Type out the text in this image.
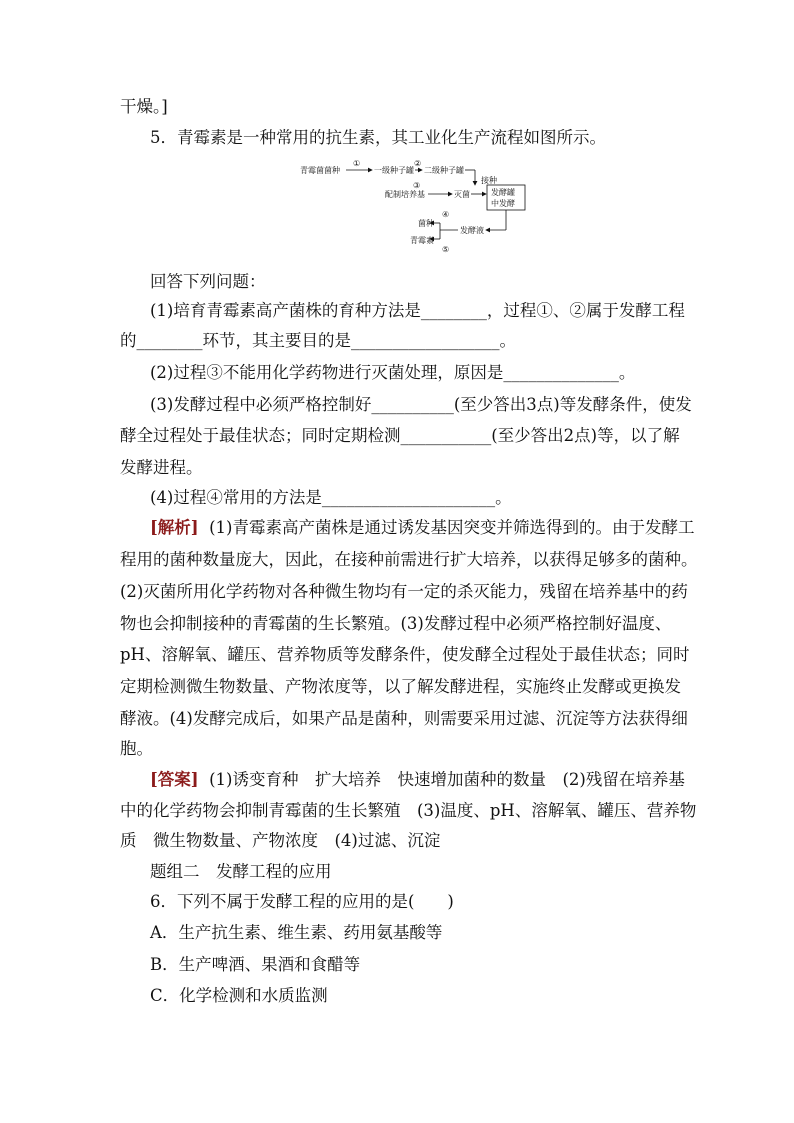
干燥。]
5．青霉素是一种常用的抗生素，其工业化生产流程如图所示。
青霉菌菌种
①
一级种子罐
②
二级种子罐
接种
配制培养基
③
灭菌	发酵罐
中发酵
发酵液
④
⑤
菌种
青霉素
回答下列问题：
(1)培育青霉素高产菌株的育种方法是________，过程①、②属于发酵工程
的________环节，其主要目的是__________________。
(2)过程③不能用化学药物进行灭菌处理，原因是______________。
(3)发酵过程中必须严格控制好__________(至少答出3点)等发酵条件，使发
酵全过程处于最佳状态；同时定期检测___________(至少答出2点)等，以了解
发酵进程。
(4)过程④常用的方法是_____________________。
[解析] (1)青霉素高产菌株是通过诱发基因突变并筛选得到的。由于发酵工
程用的菌种数量庞大，因此，在接种前需进行扩大培养，以获得足够多的菌种。
(2)灭菌所用化学药物对各种微生物均有一定的杀灭能力，残留在培养基中的药
物也会抑制接种的青霉菌的生长繁殖。(3)发酵过程中必须严格控制好温度、
pH、溶解氧、罐压、营养物质等发酵条件，使发酵全过程处于最佳状态；同时
定期检测微生物数量、产物浓度等，以了解发酵进程，实施终止发酵或更换发
酵液。(4)发酵完成后，如果产品是菌种，则需要采用过滤、沉淀等方法获得细
胞。
[答案] (1)诱变育种　扩大培养　快速增加菌种的数量　(2)残留在培养基
中的化学药物会抑制青霉菌的生长繁殖　(3)温度、pH、溶解氧、罐压、营养物
质　微生物数量、产物浓度　(4)过滤、沉淀
题组二　发酵工程的应用
6．下列不属于发酵工程的应用的是(　　)
A．生产抗生素、维生素、药用氨基酸等
B．生产啤酒、果酒和食醋等
C．化学检测和水质监测
